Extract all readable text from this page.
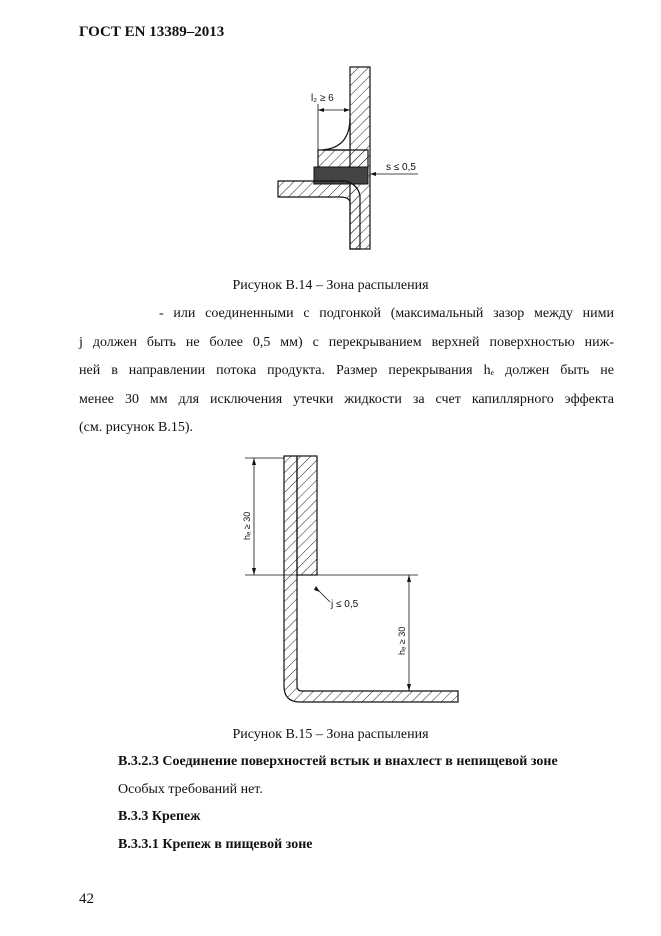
ГОСТ EN 13389–2013
l₂ ≥ 6
s ≤ 0,5
Рисунок В.14 – Зона распыления
- или соединенными с подгонкой (максимальный зазор между ними
j должен быть не более 0,5 мм) с перекрыванием верхней поверхностью ниж-
ней в направлении потока продукта. Размер перекрывания hₑ должен быть не
менее 30 мм для исключения утечки жидкости за счет капиллярного эффекта
(см. рисунок В.15).
hₑ ≥ 30
j ≤ 0,5
hₑ ≥ 30
Рисунок В.15 – Зона распыления
В.3.2.3 Соединение поверхностей встык и внахлест в непищевой зоне
Особых требований нет.
В.3.3 Крепеж
В.3.3.1 Крепеж в пищевой зоне
42
